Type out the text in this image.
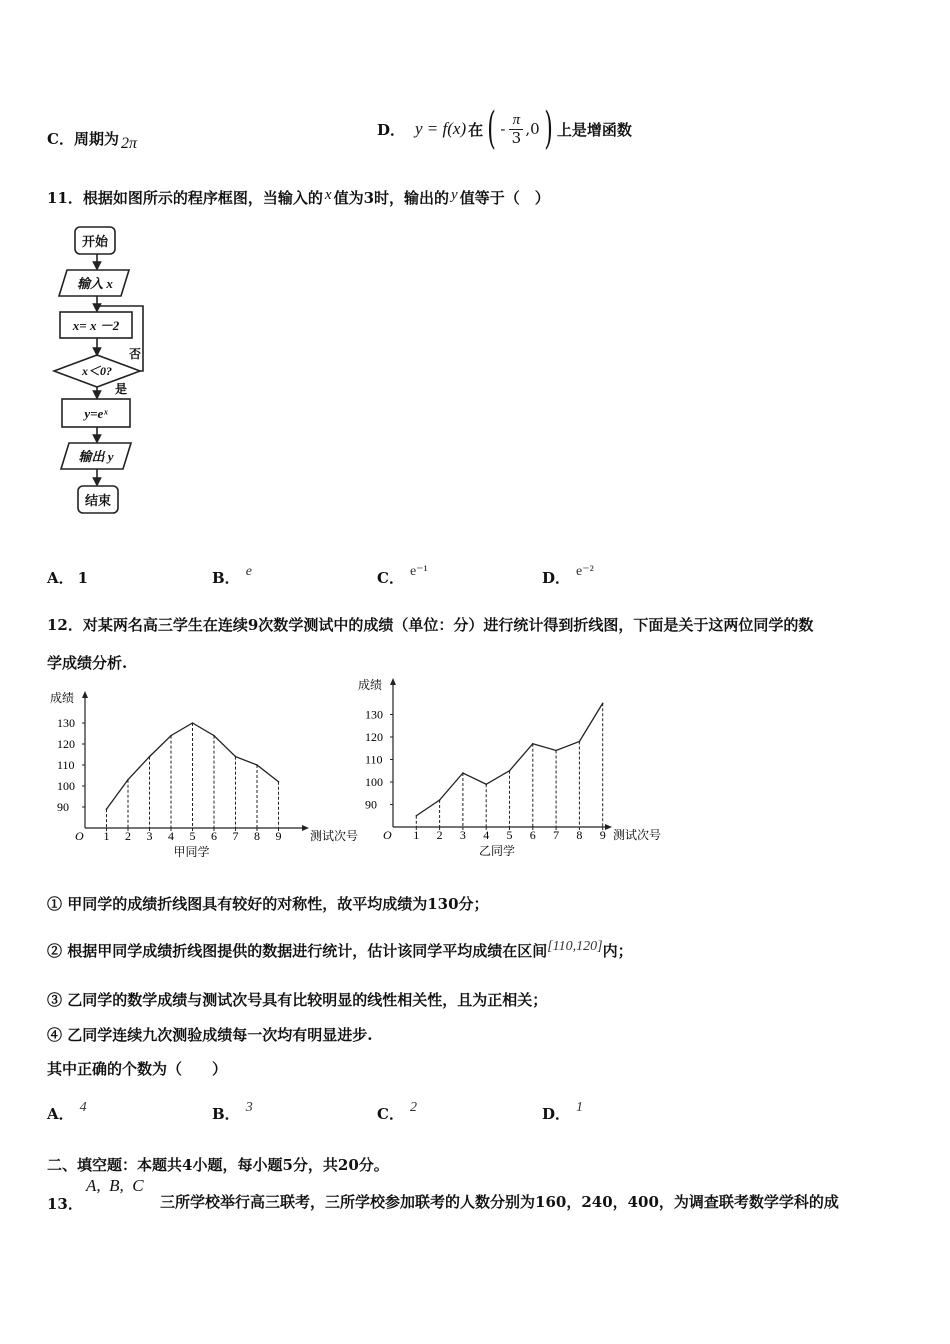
C．周期为 2π
D． y = f(x) 在 ( - π
3 ,0 ) 上是增函数
11．根据如图所示的程序框图，当输入的 x 值为3时，输出的 y 值等于（　）
开始
输入 x
x= x －2
x＜0?
否
是
y=eˣ
输出 y
结束
A． 1	B． e	C． e⁻¹	D． e⁻²
12．对某两名高三学生在连续9次数学测试中的成绩（单位：分）进行统计得到折线图，下面是关于这两位同学的数
学成绩分析.
成绩
测试次号
O
甲同学
90
100
110
120
130
1 2 3 4 5 6 7 8 9
成绩
测试次号
O
乙同学
90
100
110
120
130
1 2 3 4 5 6 7 8 9
① 甲同学的成绩折线图具有较好的对称性，故平均成绩为130分；
② 根据甲同学成绩折线图提供的数据进行统计，估计该同学平均成绩在区间[110,120]内；
③ 乙同学的数学成绩与测试次号具有比较明显的线性相关性，且为正相关；
④ 乙同学连续九次测验成绩每一次均有明显进步.
其中正确的个数为（　　）
A． 4	B． 3	C． 2	D． 1
二、填空题：本题共4小题，每小题5分，共20分。
13．
A,  B,  C
三所学校举行高三联考，三所学校参加联考的人数分别为160，240，400，为调查联考数学学科的成
